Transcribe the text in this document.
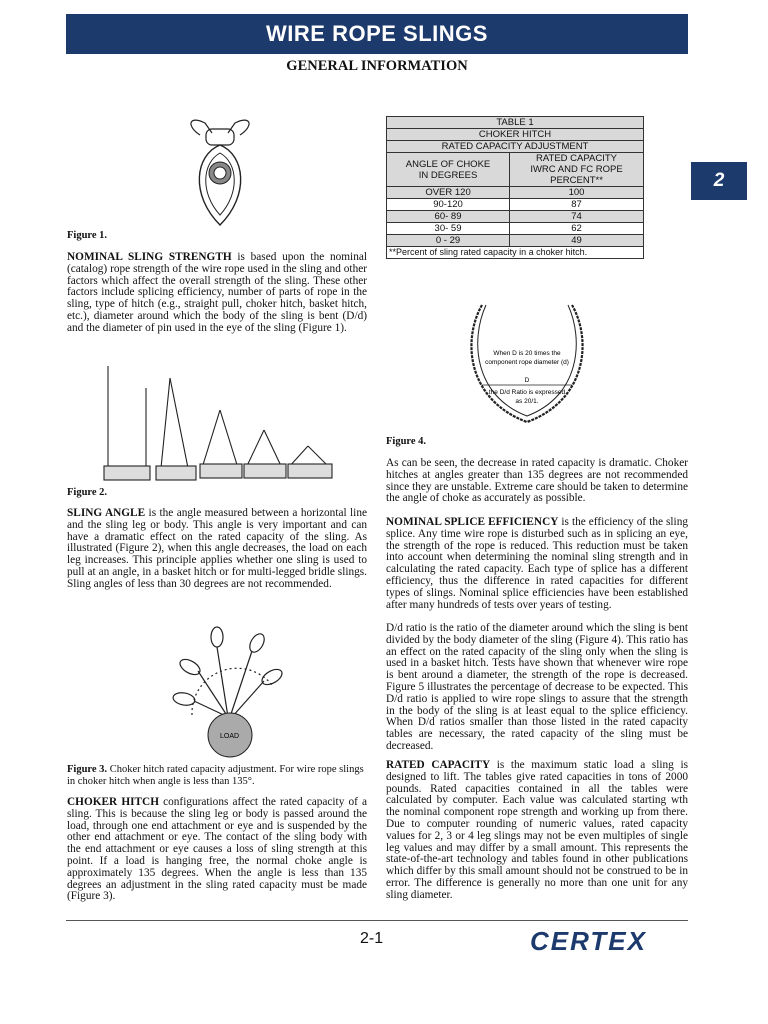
WIRE ROPE SLINGS
GENERAL INFORMATION
2
Figure 1.

NOMINAL SLING STRENGTH is based upon the nominal (catalog) rope strength of the wire rope used in the sling and other factors which affect the overall strength of the sling. These other factors include splicing efficiency, number of parts of rope in the sling, type of hitch (e.g., straight pull, choker hitch, basket hitch, etc.), diameter around which the body of the sling is bent (D/d) and the diameter of pin used in the eye of the sling (Figure 1).

Figure 2.

SLING ANGLE is the angle measured between a horizontal line and the sling leg or body. This angle is very important and can have a dramatic effect on the rated capacity of the sling. As illustrated (Figure 2), when this angle decreases, the load on each leg increases. This principle applies whether one sling is used to pull at an angle, in a basket hitch or for multi-legged bridle slings. Sling angles of less than 30 degrees are not recommended.

LOAD
Figure 3. Choker hitch rated capacity adjustment. For wire rope slings in choker hitch when angle is less than 135°.

CHOKER HITCH configurations affect the rated capacity of a sling. This is because the sling leg or body is passed around the load, through one end attachment or eye and is suspended by the other end attachment or eye. The contact of the sling body with the end attachment or eye causes a loss of sling strength at this point. If a load is hanging free, the normal choke angle is approximately 135 degrees. When the angle is less than 135 degrees an adjustment in the sling rated capacity must be made (Figure 3).

TABLE 1	
CHOKER HITCH	
RATED CAPACITY ADJUSTMENT	
ANGLE OF CHOKE
IN DEGREES	RATED CAPACITY
IWRC AND FC ROPE
PERCENT**
OVER 120	100
90-120	87
60- 89	74
30- 59	62
0 - 29	49
**Percent of sling rated capacity in a choker hitch.	
When D is 20 times the
component rope diameter (d)
D
the D/d Ratio is expressed
as 20/1.
Figure 4.

As can be seen, the decrease in rated capacity is dramatic. Choker hitches at angles greater than 135 degrees are not recommended since they are unstable. Extreme care should be taken to determine the angle of choke as accurately as possible.

NOMINAL SPLICE EFFICIENCY is the efficiency of the sling splice. Any time wire rope is disturbed such as in splicing an eye, the strength of the rope is reduced. This reduction must be taken into account when determining the nominal sling strength and in calculating the rated capacity. Each type of splice has a different efficiency, thus the difference in rated capacities for different types of slings. Nominal splice efficiencies have been established after many hundreds of tests over years of testing.

D/d ratio is the ratio of the diameter around which the sling is bent divided by the body diameter of the sling (Figure 4). This ratio has an effect on the rated capacity of the sling only when the sling is used in a basket hitch. Tests have shown that whenever wire rope is bent around a diameter, the strength of the rope is decreased. Figure 5 illustrates the percentage of decrease to be expected. This D/d ratio is applied to wire rope slings to assure that the strength in the body of the sling is at least equal to the splice efficiency. When D/d ratios smaller than those listed in the rated capacity tables are necessary, the rated capacity of the sling must be decreased.

RATED CAPACITY is the maximum static load a sling is designed to lift. The tables give rated capacities in tons of 2000 pounds. Rated capacities contained in all the tables were calculated by computer. Each value was calculated starting wth the nominal component rope strength and working up from there. Due to computer rounding of numeric values, rated capacity values for 2, 3 or 4 leg slings may not be even multiples of single leg values and may differ by a small amount. This represents the state-of-the-art technology and tables found in other publications which differ by this small amount should not be construed to be in error. The difference is generally no more than one unit for any sling diameter.

2-1	CERTEX
